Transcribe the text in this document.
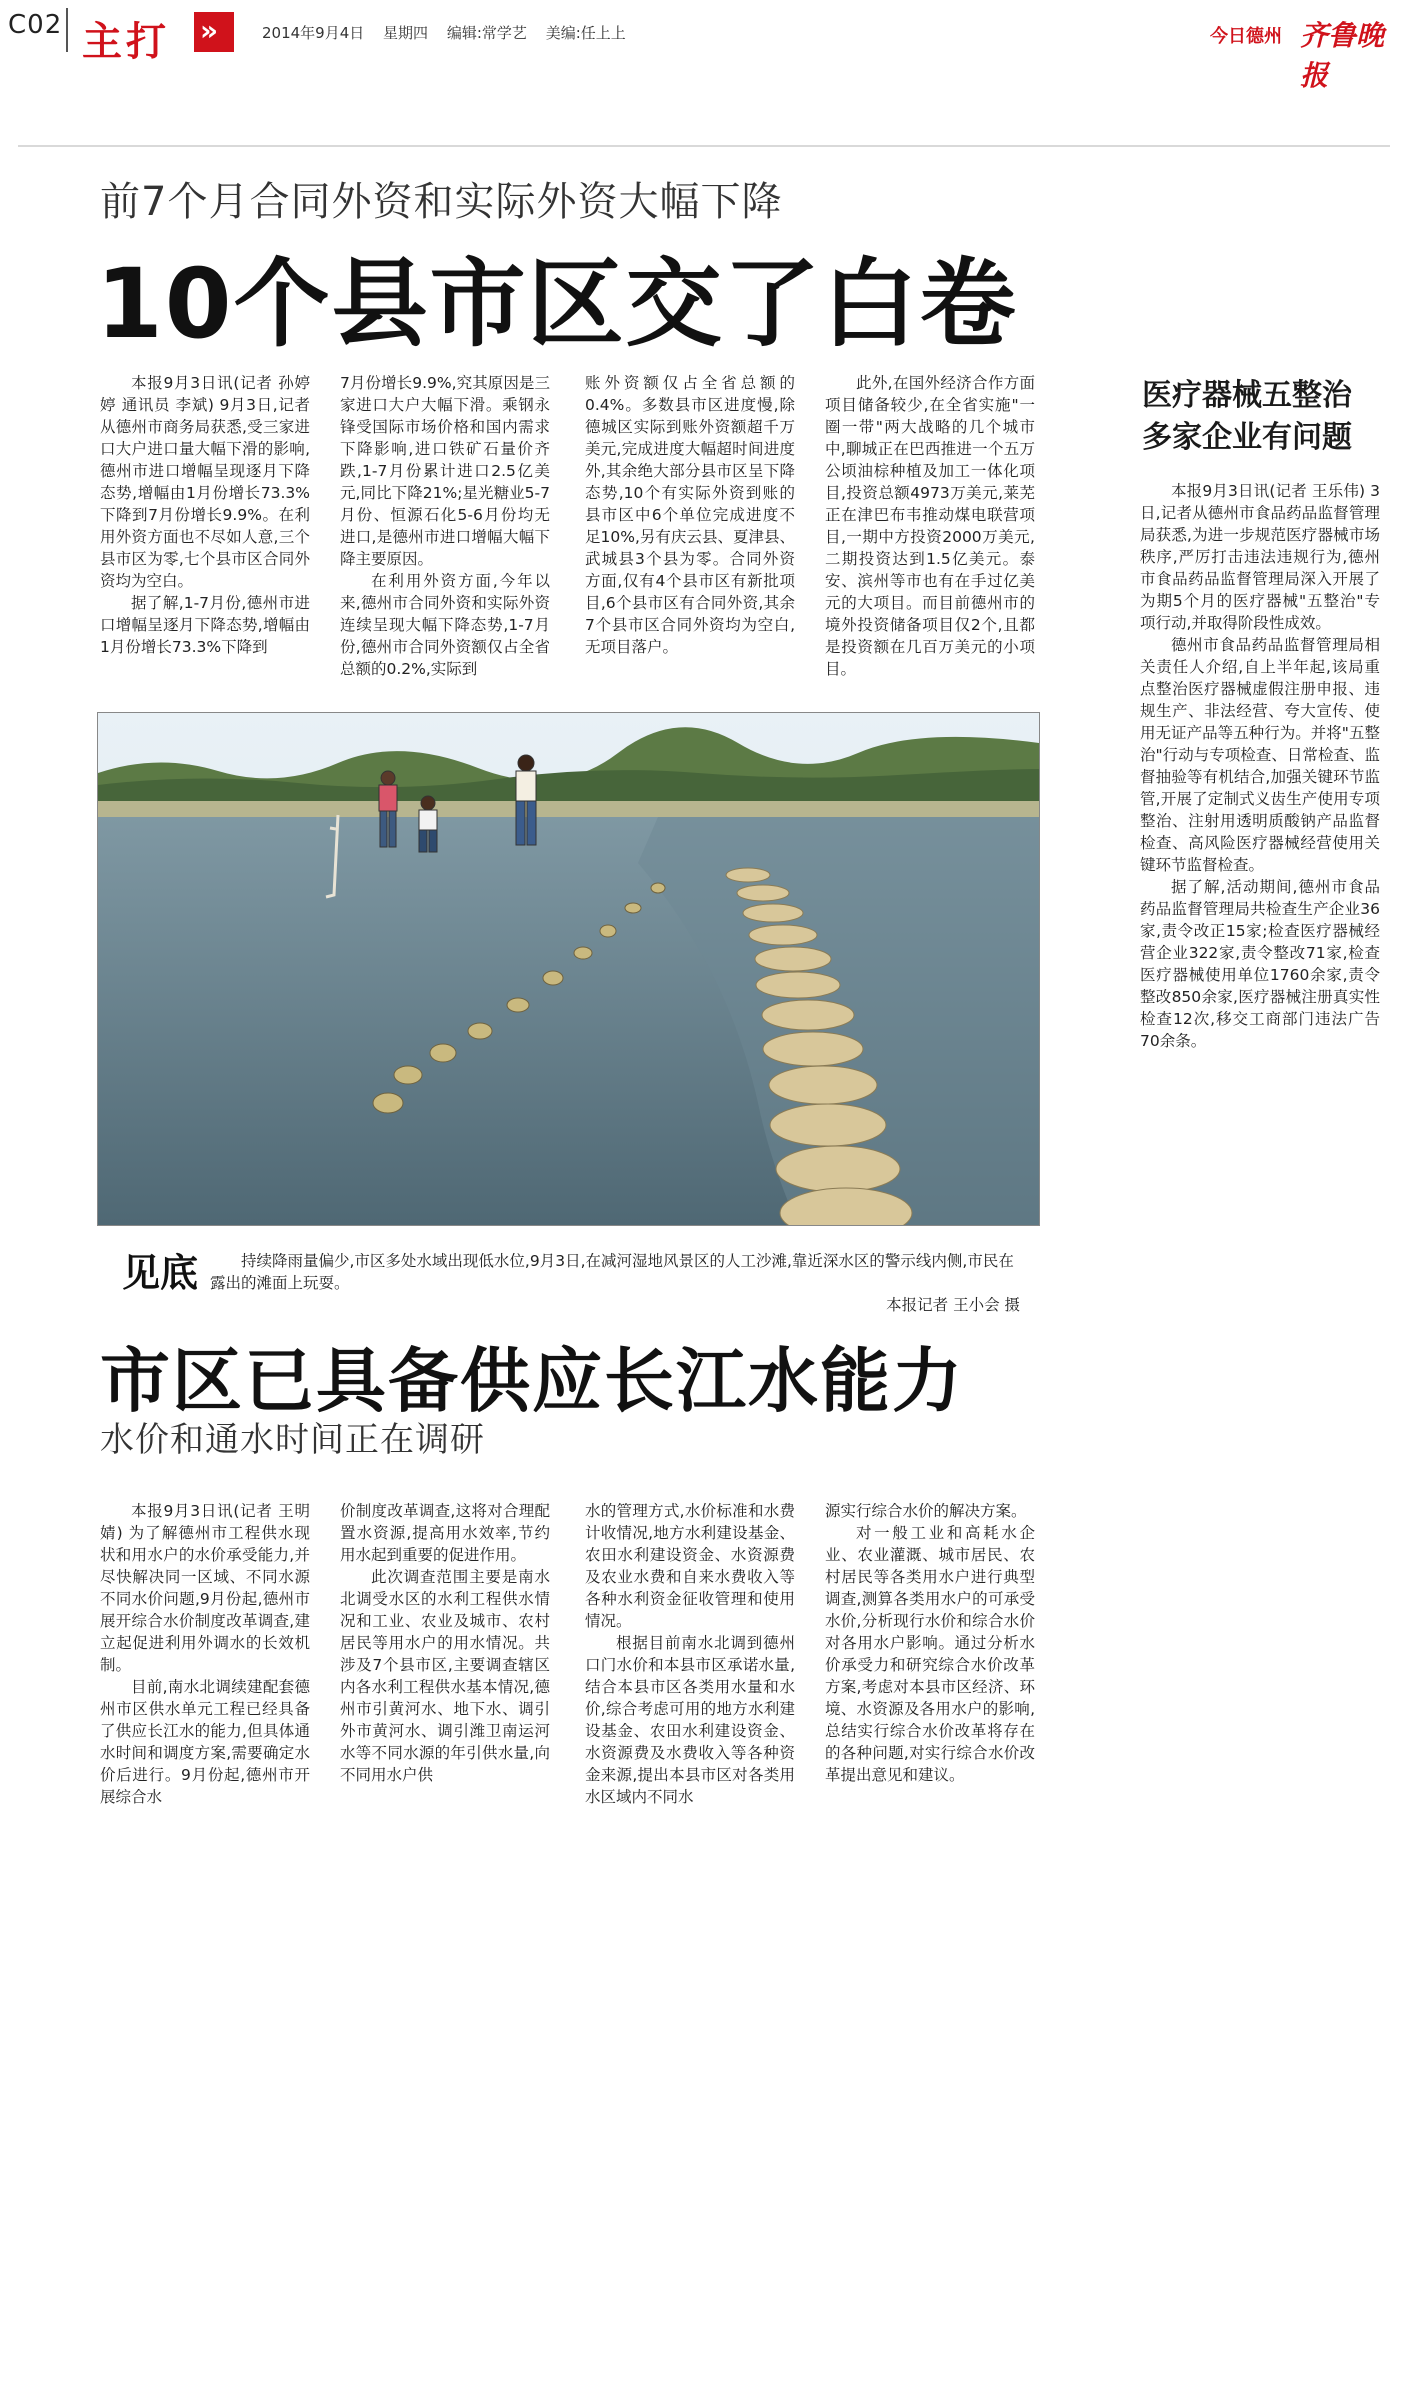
C02 主打 »	2014年9月4日 星期四 编辑:常学艺 美编:任上上	今日德州 齐鲁晚报
前7个月合同外资和实际外资大幅下降
10个县市区交了白卷

本报9月3日讯(记者 孙婷婷 通讯员 李斌) 9月3日,记者从德州市商务局获悉,受三家进口大户进口量大幅下滑的影响,德州市进口增幅呈现逐月下降态势,增幅由1月份增长73.3%下降到7月份增长9.9%。在利用外资方面也不尽如人意,三个县市区为零,七个县市区合同外资均为空白。

据了解,1-7月份,德州市进口增幅呈逐月下降态势,增幅由1月份增长73.3%下降到

7月份增长9.9%,究其原因是三家进口大户大幅下滑。乘钢永锋受国际市场价格和国内需求下降影响,进口铁矿石量价齐跌,1-7月份累计进口2.5亿美元,同比下降21%;星光糖业5-7月份、恒源石化5-6月份均无进口,是德州市进口增幅大幅下降主要原因。

在利用外资方面,今年以来,德州市合同外资和实际外资连续呈现大幅下降态势,1-7月份,德州市合同外资额仅占全省总额的0.2%,实际到

账外资额仅占全省总额的0.4%。多数县市区进度慢,除德城区实际到账外资额超千万美元,完成进度大幅超时间进度外,其余绝大部分县市区呈下降态势,10个有实际外资到账的县市区中6个单位完成进度不足10%,另有庆云县、夏津县、武城县3个县为零。合同外资方面,仅有4个县市区有新批项目,6个县市区有合同外资,其余7个县市区合同外资均为空白,无项目落户。

此外,在国外经济合作方面项目储备较少,在全省实施"一圈一带"两大战略的几个城市中,聊城正在巴西推进一个五万公顷油棕种植及加工一体化项目,投资总额4973万美元,莱芜正在津巴布韦推动煤电联营项目,一期中方投资2000万美元,二期投资达到1.5亿美元。泰安、滨州等市也有在手过亿美元的大项目。而目前德州市的境外投资储备项目仅2个,且都是投资额在几百万美元的小项目。

医疗器械五整治
多家企业有问题

本报9月3日讯(记者 王乐伟) 3日,记者从德州市食品药品监督管理局获悉,为进一步规范医疗器械市场秩序,严厉打击违法违规行为,德州市食品药品监督管理局深入开展了为期5个月的医疗器械"五整治"专项行动,并取得阶段性成效。

德州市食品药品监督管理局相关责任人介绍,自上半年起,该局重点整治医疗器械虚假注册申报、违规生产、非法经营、夸大宣传、使用无证产品等五种行为。并将"五整治"行动与专项检查、日常检查、监督抽验等有机结合,加强关键环节监管,开展了定制式义齿生产使用专项整治、注射用透明质酸钠产品监督检查、高风险医疗器械经营使用关键环节监督检查。

据了解,活动期间,德州市食品药品监督管理局共检查生产企业36家,责令改正15家;检查医疗器械经营企业322家,责令整改71家,检查医疗器械使用单位1760余家,责令整改850余家,医疗器械注册真实性检查12次,移交工商部门违法广告70余条。

见底	持续降雨量偏少,市区多处水域出现低水位,9月3日,在减河湿地风景区的人工沙滩,靠近深水区的警示线内侧,市民在露出的滩面上玩耍。

本报记者 王小会 摄
市区已具备供应长江水能力
水价和通水时间正在调研

本报9月3日讯(记者 王明婧) 为了解德州市工程供水现状和用水户的水价承受能力,并尽快解决同一区域、不同水源不同水价问题,9月份起,德州市展开综合水价制度改革调查,建立起促进利用外调水的长效机制。

目前,南水北调续建配套德州市区供水单元工程已经具备了供应长江水的能力,但具体通水时间和调度方案,需要确定水价后进行。9月份起,德州市开展综合水

价制度改革调查,这将对合理配置水资源,提高用水效率,节约用水起到重要的促进作用。

此次调查范围主要是南水北调受水区的水利工程供水情况和工业、农业及城市、农村居民等用水户的用水情况。共涉及7个县市区,主要调查辖区内各水利工程供水基本情况,德州市引黄河水、地下水、调引外市黄河水、调引潍卫南运河水等不同水源的年引供水量,向不同用水户供

水的管理方式,水价标准和水费计收情况,地方水利建设基金、农田水利建设资金、水资源费及农业水费和自来水费收入等各种水利资金征收管理和使用情况。

根据目前南水北调到德州口门水价和本县市区承诺水量,结合本县市区各类用水量和水价,综合考虑可用的地方水利建设基金、农田水利建设资金、水资源费及水费收入等各种资金来源,提出本县市区对各类用水区域内不同水

源实行综合水价的解决方案。

对一般工业和高耗水企业、农业灌溉、城市居民、农村居民等各类用水户进行典型调查,测算各类用水户的可承受水价,分析现行水价和综合水价对各用水户影响。通过分析水价承受力和研究综合水价改革方案,考虑对本县市区经济、环境、水资源及各用水户的影响,总结实行综合水价改革将存在的各种问题,对实行综合水价改革提出意见和建议。
